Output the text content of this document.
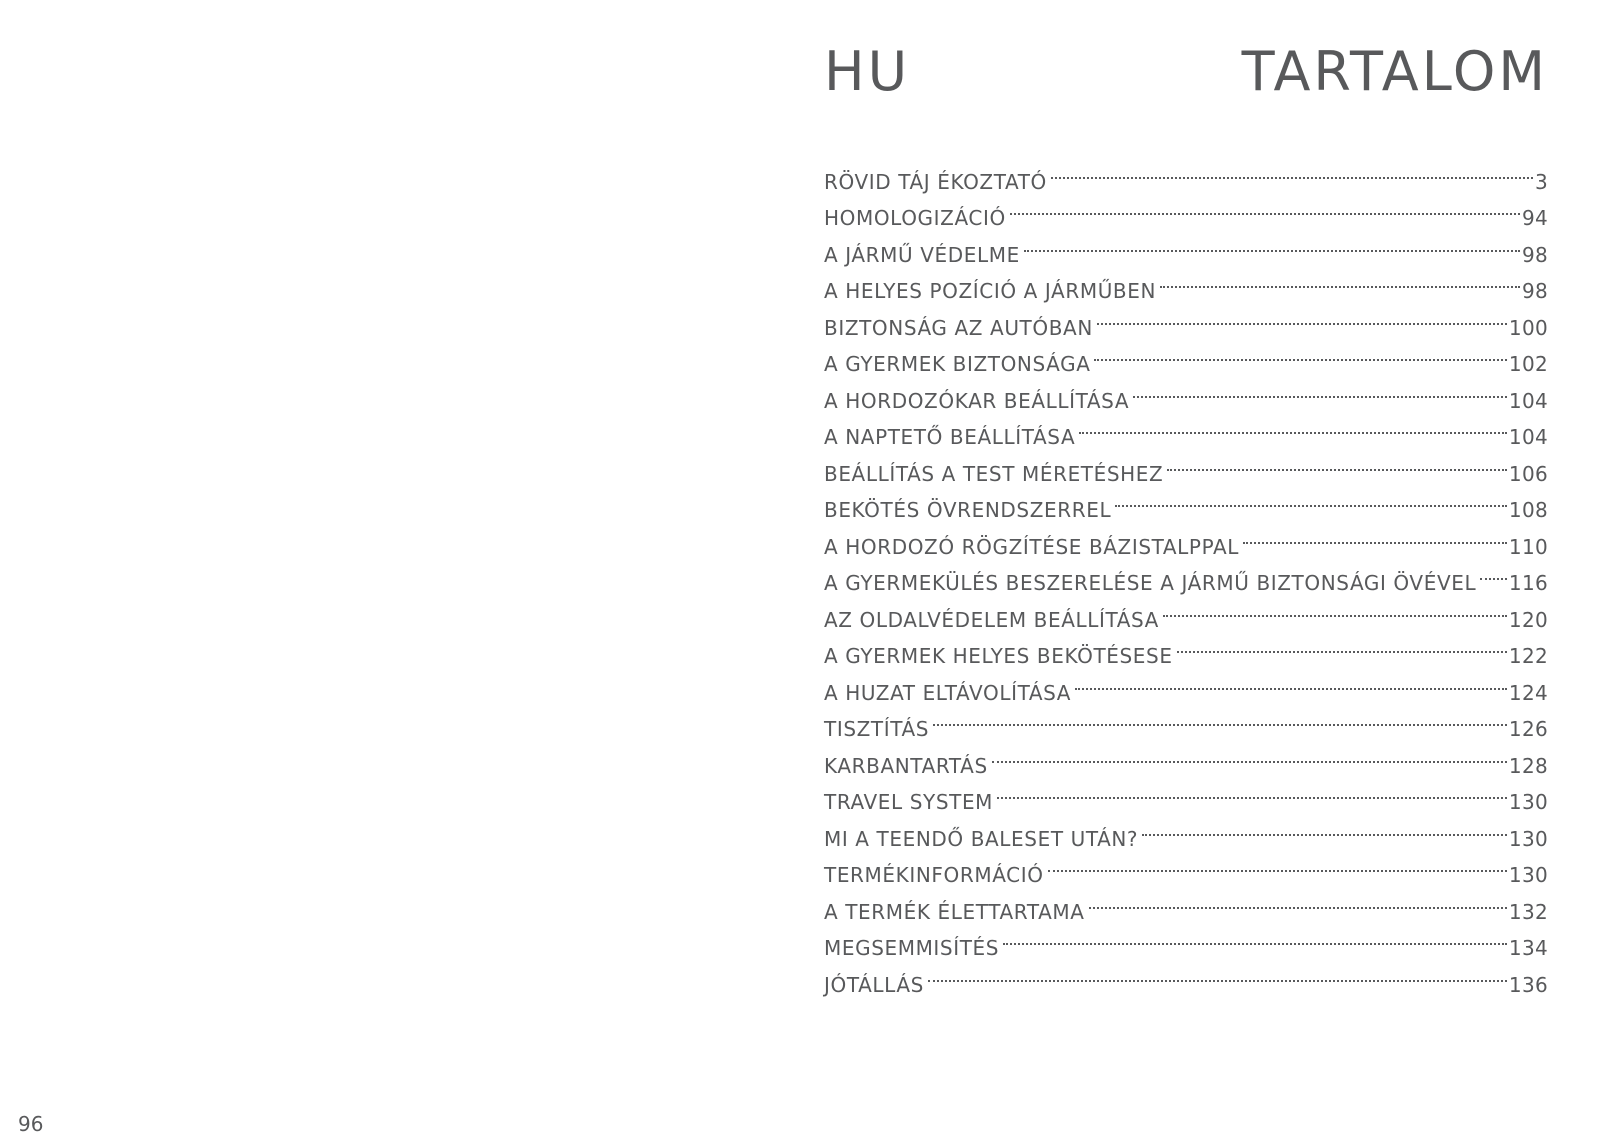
HU	TARTALOM
RÖVID TÁJ ÉKOZTATÓ	3
HOMOLOGIZÁCIÓ	94
A JÁRMŰ VÉDELME	98
A HELYES POZÍCIÓ A JÁRMŰBEN	98
BIZTONSÁG AZ AUTÓBAN	100
A GYERMEK BIZTONSÁGA	102
A HORDOZÓKAR BEÁLLÍTÁSA	104
A NAPTETŐ BEÁLLÍTÁSA	104
BEÁLLÍTÁS A TEST MÉRETÉSHEZ	106
BEKÖTÉS ÖVRENDSZERREL	108
A HORDOZÓ RÖGZÍTÉSE BÁZISTALPPAL	110
A GYERMEKÜLÉS BESZERELÉSE A JÁRMŰ BIZTONSÁGI ÖVÉVEL 116
AZ OLDALVÉDELEM BEÁLLÍTÁSA	120
A GYERMEK HELYES BEKÖTÉSESE	122
A HUZAT ELTÁVOLÍTÁSA	124
TISZTÍTÁS	126
KARBANTARTÁS	128
TRAVEL SYSTEM	130
MI A TEENDŐ BALESET UTÁN?	130
TERMÉKINFORMÁCIÓ	130
A TERMÉK ÉLETTARTAMA	132
MEGSEMMISÍTÉS	134
JÓTÁLLÁS	136
96
